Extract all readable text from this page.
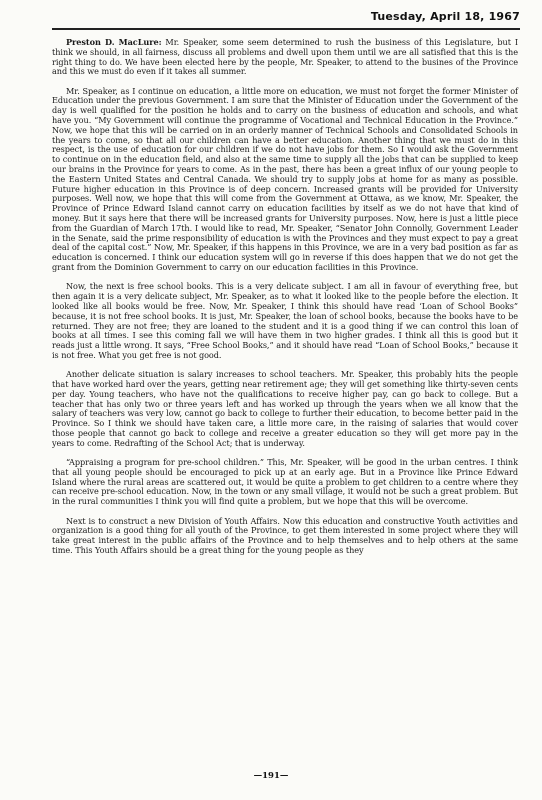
Tuesday, April 18, 1967

Preston D. MacLure: Mr. Speaker, some seem determined to rush the business of this Legislature, but I think we should, in all fairness, discuss all problems and dwell upon them until we are all satisfied that this is the right thing to do. We have been elected here by the people, Mr. Speaker, to attend to the busines of the Province and this we must do even if it takes all summer.

Mr. Speaker, as I continue on education, a little more on education, we must not forget the former Minister of Education under the previous Government. I am sure that the Minister of Education under the Government of the day is well qualified for the position he holds and to carry on the business of education and schools, and what have you. “My Government will continue the programme of Vocational and Technical Education in the Province.” Now, we hope that this will be carried on in an orderly manner of Technical Schools and Consolidated Schools in the years to come, so that all our children can have a better education. Another thing that we must do in this respect, is the use of education for our children if we do not have jobs for them. So I would ask the Government to continue on in the education field, and also at the same time to supply all the jobs that can be supplied to keep our brains in the Province for years to come. As in the past, there has been a great influx of our young people to the Eastern United States and Central Canada. We should try to supply jobs at home for as many as possible. Future higher education in this Province is of deep concern. Increased grants will be provided for University purposes. Well now, we hope that this will come from the Government at Ottawa, as we know, Mr. Speaker, the Province of Prince Edward Island cannot carry on education facilities by itself as we do not have that kind of money. But it says here that there will be increased grants for University purposes. Now, here is just a little piece from the Guardian of March 17th. I would like to read, Mr. Speaker, “Senator John Connolly, Government Leader in the Senate, said the prime responsibility of education is with the Provinces and they must expect to pay a great deal of the capital cost.” Now, Mr. Speaker, if this happens in this Province, we are in a very bad position as far as education is concerned. I think our education system will go in reverse if this does happen that we do not get the grant from the Dominion Government to carry on our education facilities in this Province.

Now, the next is free school books. This is a very delicate subject. I am all in favour of everything free, but then again it is a very delicate subject, Mr. Speaker, as to what it looked like to the people before the election. It looked like all books would be free. Now, Mr. Speaker, I think this should have read ‘Loan of School Books” because, it is not free school books. It is just, Mr. Speaker, the loan of school books, because the books have to be returned. They are not free; they are loaned to the student and it is a good thing if we can control this loan of books at all times. I see this coming fall we will have them in two higher grades. I think all this is good but it reads just a little wrong. It says, “Free School Books,” and it should have read “Loan of School Books,” because it is not free. What you get free is not good.

Another delicate situation is salary increases to school teachers. Mr. Speaker, this probably hits the people that have worked hard over the years, getting near retirement age; they will get something like thirty-seven cents per day. Young teachers, who have not the qualifications to receive higher pay, can go back to college. But a teacher that has only two or three years left and has worked up through the years when we all know that the salary of teachers was very low, cannot go back to college to further their education, to become better paid in the Province. So I think we should have taken care, a little more care, in the raising of salaries that would cover those people that cannot go back to college and receive a greater education so they will get more pay in the years to come. Redrafting of the School Act; that is underway.

“Appraising a program for pre-school children.” This, Mr. Speaker, will be good in the urban centres. I think that all young people should be encouraged to pick up at an early age. But in a Province like Prince Edward Island where the rural areas are scattered out, it would be quite a problem to get children to a centre where they can receive pre-school education. Now, in the town or any small village, it would not be such a great problem. But in the rural communities I think you will find quite a problem, but we hope that this will be overcome.

Next is to construct a new Division of Youth Affairs. Now this education and constructive Youth activities and organization is a good thing for all youth of the Province, to get them interested in some project where they will take great interest in the public affairs of the Province and to help themselves and to help others at the same time. This Youth Affairs should be a great thing for the young people as they

—191—
